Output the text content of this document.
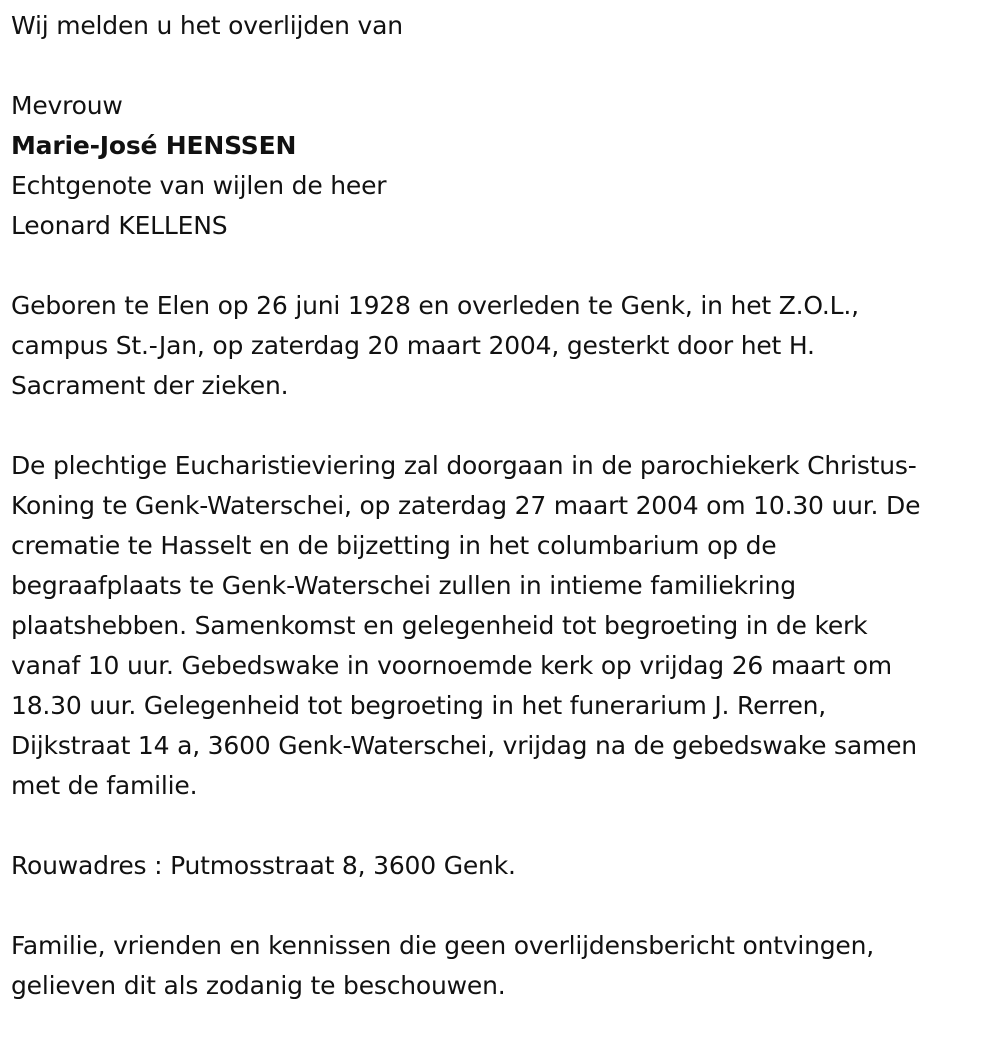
Wij melden u het overlijden van
Mevrouw
Marie-José HENSSEN
Echtgenote van wijlen de heer
Leonard KELLENS
Geboren te Elen op 26 juni 1928 en overleden te Genk, in het Z.O.L.,
campus St.-Jan, op zaterdag 20 maart 2004, gesterkt door het H.
Sacrament der zieken.
De plechtige Eucharistieviering zal doorgaan in de parochiekerk Christus-
Koning te Genk-Waterschei, op zaterdag 27 maart 2004 om 10.30 uur. De
crematie te Hasselt en de bijzetting in het columbarium op de
begraafplaats te Genk-Waterschei zullen in intieme familiekring
plaatshebben. Samenkomst en gelegenheid tot begroeting in de kerk
vanaf 10 uur. Gebedswake in voornoemde kerk op vrijdag 26 maart om
18.30 uur. Gelegenheid tot begroeting in het funerarium J. Rerren,
Dijkstraat 14 a, 3600 Genk-Waterschei, vrijdag na de gebedswake samen
met de familie.
Rouwadres : Putmosstraat 8, 3600 Genk.
Familie, vrienden en kennissen die geen overlijdensbericht ontvingen,
gelieven dit als zodanig te beschouwen.
